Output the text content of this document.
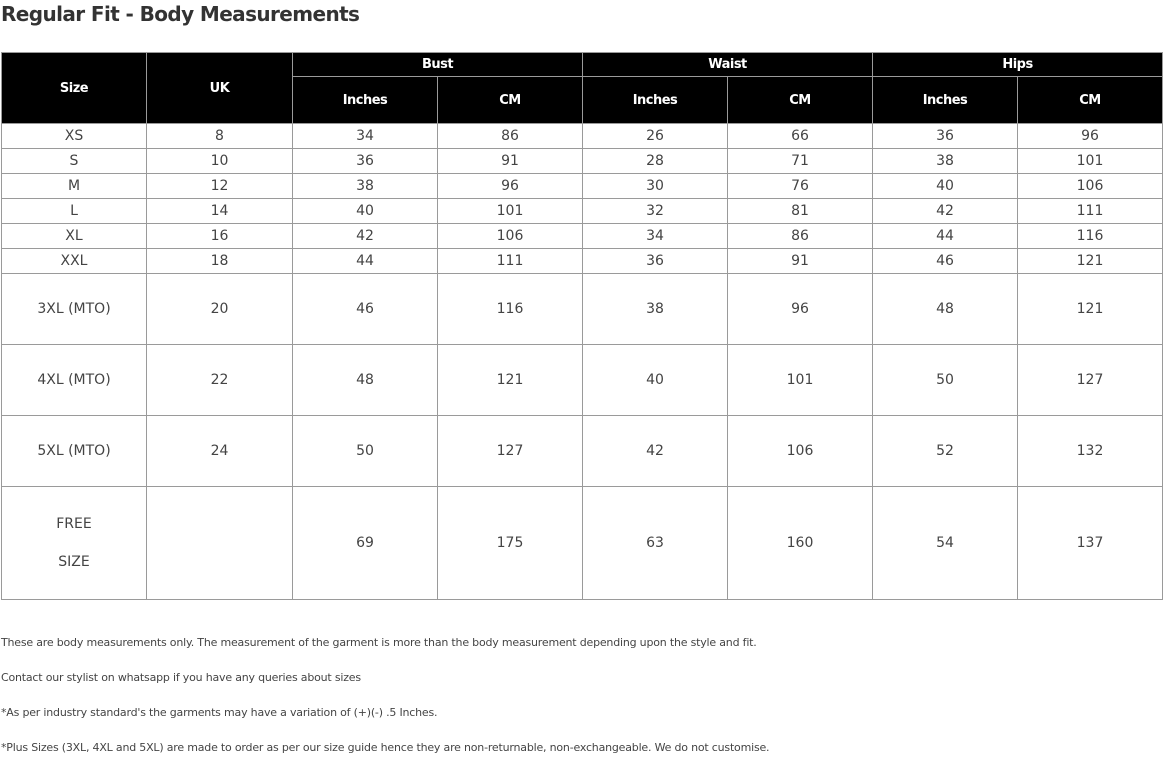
Regular Fit - Body Measurements
Size	UK	Bust		Waist		Hips	
		Inches	CM	Inches	CM	Inches	CM
XS	8	34	86	26	66	36	96
S	10	36	91	28	71	38	101
M	12	38	96	30	76	40	106
L	14	40	101	32	81	42	111
XL	16	42	106	34	86	44	116
XXL	18	44	111	36	91	46	121
3XL (MTO)	20	46	116	38	96	48	121
4XL (MTO)	22	48	121	40	101	50	127
5XL (MTO)	24	50	127	42	106	52	132

FREE
SIZE		69	175	63	160	54	137

These are body measurements only. The measurement of the garment is more than the body measurement depending upon the style and fit.

Contact our stylist on whatsapp if you have any queries about sizes

*As per industry standard's the garments may have a variation of (+)(-) .5 Inches.

*Plus Sizes (3XL, 4XL and 5XL) are made to order as per our size guide hence they are non-returnable, non-exchangeable. We do not customise.
